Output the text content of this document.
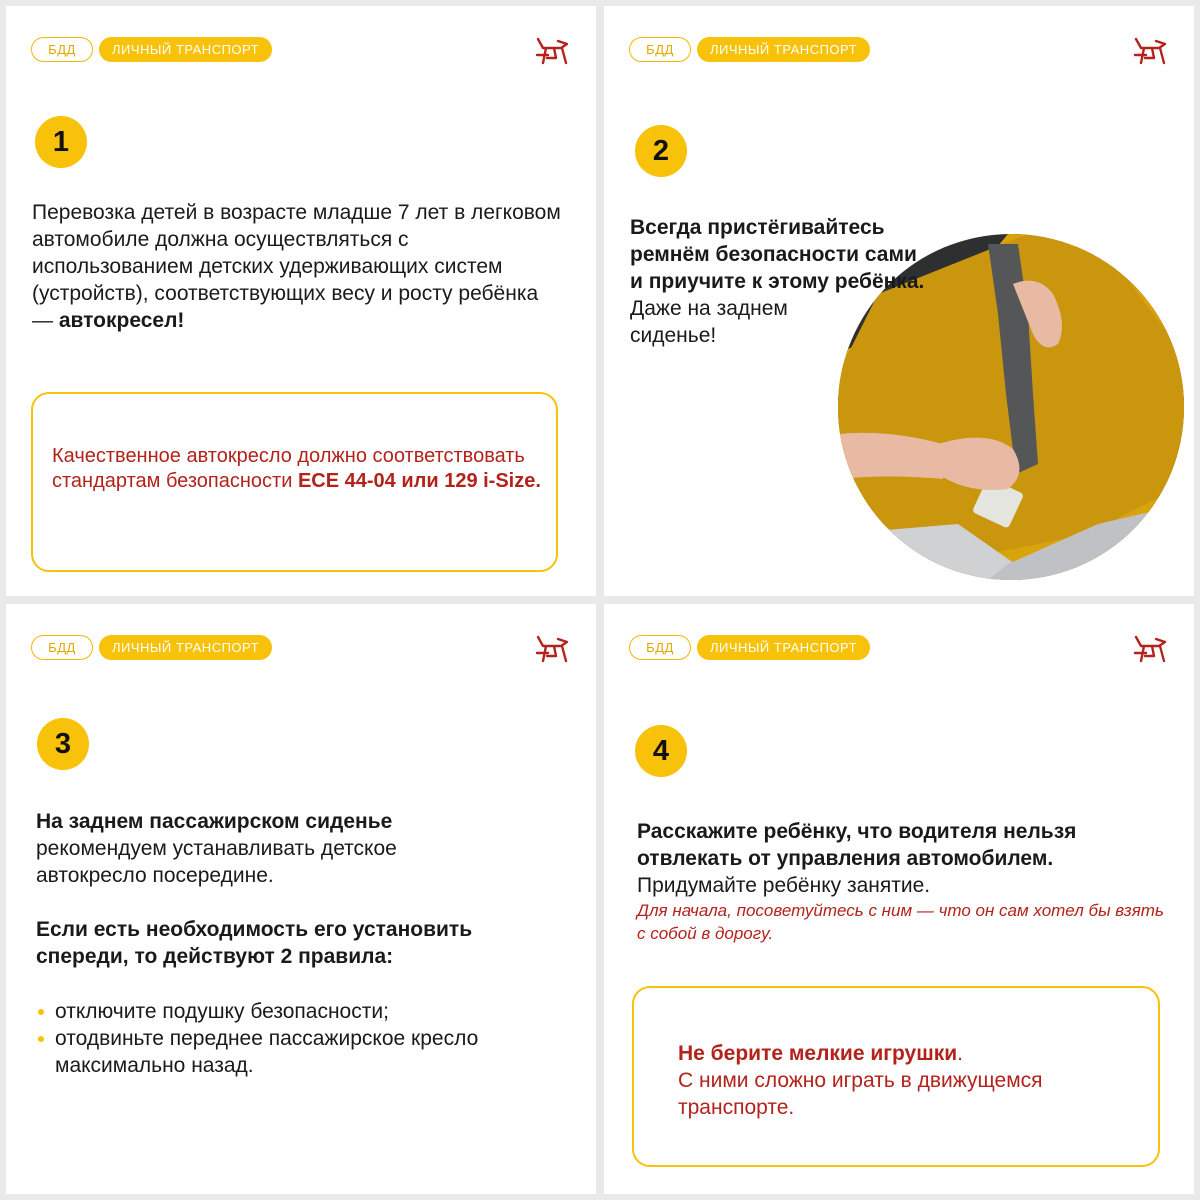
БДД	ЛИЧНЫЙ ТРАНСПОРТ
1
Перевозка детей в возрасте младше 7 лет в легковом автомобиле должна осуществляться с использованием детских удерживающих систем (устройств), соответствующих весу и росту ребёнка — автокресел!
Качественное автокресло должно соответствовать стандартам безопасности ECE 44-04 или 129 i-Size.
БДД	ЛИЧНЫЙ ТРАНСПОРТ
2
Всегда пристёгивайтесь ремнём безопасности сами и приучите к этому ребёнка.
Даже на заднем сиденье!
БДД	ЛИЧНЫЙ ТРАНСПОРТ
3
На заднем пассажирском сиденье
рекомендуем устанавливать детское автокресло посередине.
Если есть необходимость его установить спереди, то действуют 2 правила:
отключите подушку безопасности;
отодвиньте переднее пассажирское кресло максимально назад.
БДД	ЛИЧНЫЙ ТРАНСПОРТ
4
Расскажите ребёнку, что водителя нельзя отвлекать от управления автомобилем.
Придумайте ребёнку занятие.
Для начала, посоветуйтесь с ним — что он сам хотел бы взять с собой в дорогу.
Не берите мелкие игрушки.
С ними сложно играть в движущемся транспорте.
